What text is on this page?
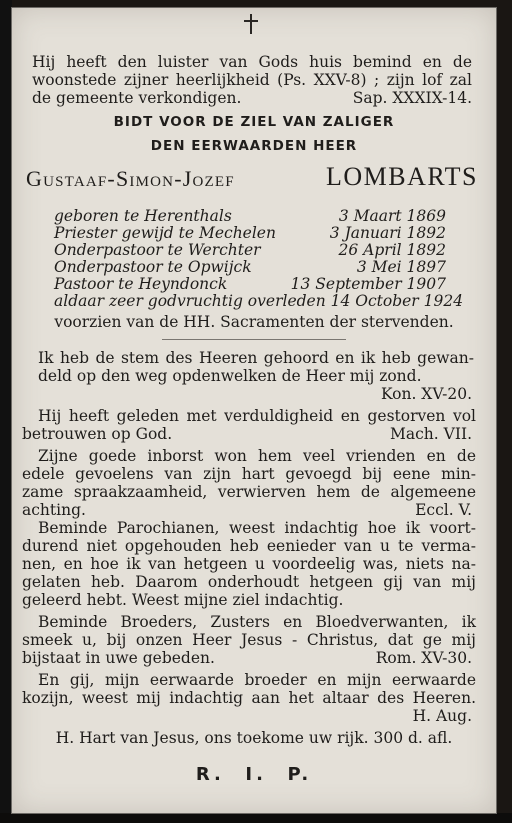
Hij heeft den luister van Gods huis bemind en de
woonstede zijner heerlijkheid (Ps. XXV-8) ; zijn lof zal
de gemeente verkondigen.	Sap. XXXIX-14.
BIDT VOOR DE ZIEL VAN ZALIGER
DEN EERWAARDEN HEER
Gustaaf-Simon-Jozef	LOMBARTS
geboren te Herenthals	3 Maart 1869
Priester gewijd te Mechelen	3 Januari 1892
Onderpastoor te Werchter	26 April 1892
Onderpastoor te Opwijck	3 Mei 1897
Pastoor te Heyndonck	13 September 1907
aldaar zeer godvruchtig overleden 14 October 1924
voorzien van de HH. Sacramenten der stervenden.
Ik heb de stem des Heeren gehoord en ik heb gewan-
deld op den weg opdenwelken de Heer mij zond.
Kon. XV-20.
Hij heeft geleden met verduldigheid en gestorven vol
betrouwen op God.	Mach. VII.
Zijne goede inborst won hem veel vrienden en de
edele gevoelens van zijn hart gevoegd bij eene min-
zame spraakzaamheid, verwierven hem de algemeene
achting.	Eccl. V.
Beminde Parochianen, weest indachtig hoe ik voort-
durend niet opgehouden heb eenieder van u te verma-
nen, en hoe ik van hetgeen u voordeelig was, niets na-
gelaten heb. Daarom onderhoudt hetgeen gij van mij
geleerd hebt. Weest mijne ziel indachtig.
Beminde Broeders, Zusters en Bloedverwanten, ik
smeek u, bij onzen Heer Jesus - Christus, dat ge mij
bijstaat in uwe gebeden.	Rom. XV-30.
En gij, mijn eerwaarde broeder en mijn eerwaarde
kozijn, weest mij indachtig aan het altaar des Heeren.
H. Aug.
H. Hart van Jesus, ons toekome uw rijk. 300 d. afl.
R.  I.  P.
